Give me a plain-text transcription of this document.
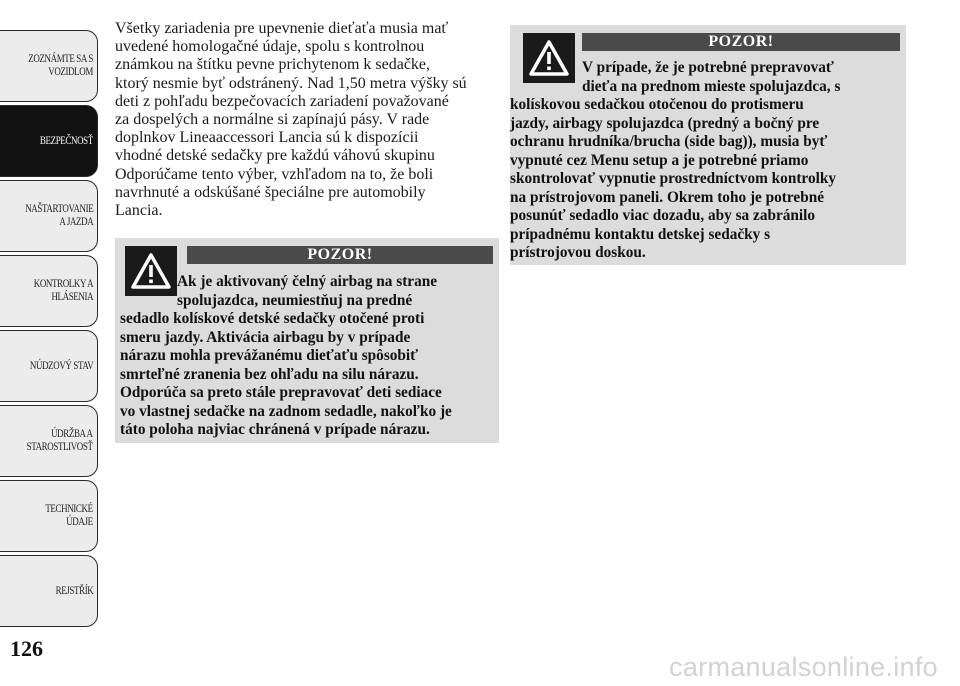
ZOZNÁMTE SA S
VOZIDLOM
BEZPEČNOSŤ
NAŠTARTOVANIE
A JAZDA
KONTROLKY A
HLÁSENIA
NÚDZOVÝ STAV
ÚDRŽBA A
STAROSTLIVOSŤ
TECHNICKÉ
ÚDAJE
REJSTŘÍK
126
Všetky zariadenia pre upevnenie dieťaťa musia mať
uvedené homologačné údaje, spolu s kontrolnou
známkou na štítku pevne prichytenom k sedačke,
ktorý nesmie byť odstránený. Nad 1,50 metra výšky sú
deti z pohľadu bezpečovacích zariadení považované
za dospelých a normálne si zapínajú pásy. V rade
doplnkov Lineaaccessori Lancia sú k dispozícii
vhodné detské sedačky pre každú váhovú skupinu
Odporúčame tento výber, vzhľadom na to, že boli
navrhnuté a odskúšané špeciálne pre automobily
Lancia.
POZOR!
Ak je aktivovaný čelný airbag na strane
spolujazdca, neumiestňuj na predné
sedadlo kolískové detské sedačky otočené proti
smeru jazdy. Aktivácia airbagu by v prípade
nárazu mohla prevážanému dieťaťu spôsobiť
smrteľné zranenia bez ohľadu na silu nárazu.
Odporúča sa preto stále prepravovať deti sediace
vo vlastnej sedačke na zadnom sedadle, nakoľko je
táto poloha najviac chránená v prípade nárazu.
POZOR!
V prípade, že je potrebné prepravovať
dieťa na prednom mieste spolujazdca, s
kolískovou sedačkou otočenou do protismeru
jazdy, airbagy spolujazdca (predný a bočný pre
ochranu hrudníka/brucha (side bag)), musia byť
vypnuté cez Menu setup a je potrebné priamo
skontrolovať vypnutie prostredníctvom kontrolky
na prístrojovom paneli. Okrem toho je potrebné
posunúť sedadlo viac dozadu, aby sa zabránilo
prípadnému kontaktu detskej sedačky s
prístrojovou doskou.
carmanualsonline.info
